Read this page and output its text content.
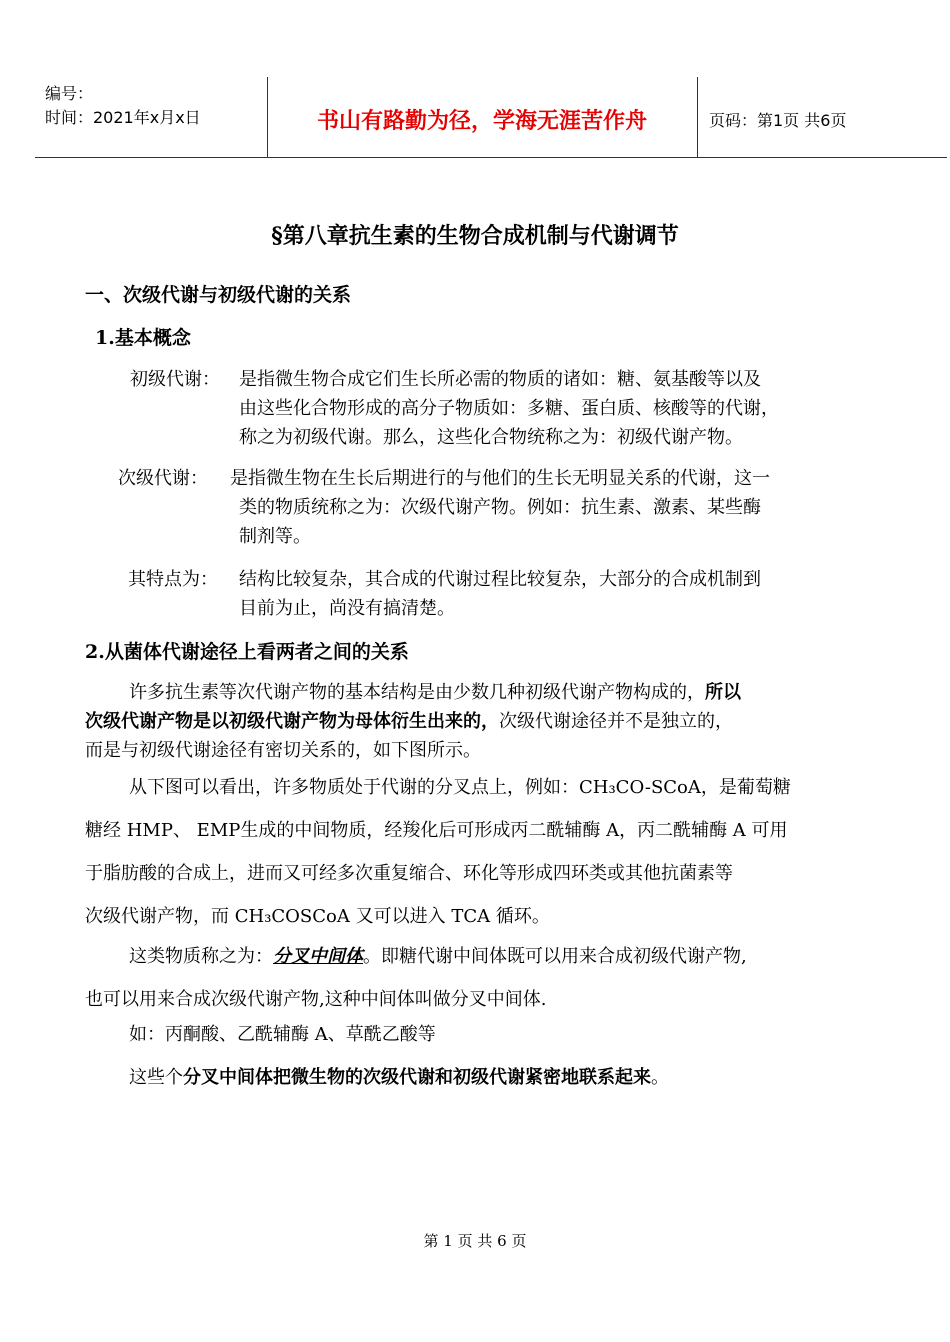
编号：
时间：2021年x月x日	书山有路勤为径，学海无涯苦作舟	页码：第1页 共6页
§第八章抗生素的生物合成机制与代谢调节
一、次级代谢与初级代谢的关系
1.基本概念
初级代谢： 是指微生物合成它们生长所必需的物质的诸如：糖、氨基酸等以及
由这些化合物形成的高分子物质如：多糖、蛋白质、核酸等的代谢，
称之为初级代谢。那么，这些化合物统称之为：初级代谢产物。
次级代谢： 是指微生物在生长后期进行的与他们的生长无明显关系的代谢，这一
类的物质统称之为：次级代谢产物。例如：抗生素、激素、某些酶
制剂等。
其特点为： 结构比较复杂，其合成的代谢过程比较复杂，大部分的合成机制到
目前为止，尚没有搞清楚。
2.从菌体代谢途径上看两者之间的关系
许多抗生素等次代谢产物的基本结构是由少数几种初级代谢产物构成的，所以
次级代谢产物是以初级代谢产物为母体衍生出来的，次级代谢途径并不是独立的，
而是与初级代谢途径有密切关系的，如下图所示。
从下图可以看出，许多物质处于代谢的分叉点上，例如：CH₃CO-SCoA，是葡萄糖
糖经 HMP、 EMP生成的中间物质，经羧化后可形成丙二酰辅酶 A，丙二酰辅酶 A 可用
于脂肪酸的合成上，进而又可经多次重复缩合、环化等形成四环类或其他抗菌素等
次级代谢产物，而 CH₃COSCoA 又可以进入 TCA 循环。
这类物质称之为：分叉中间体。即糖代谢中间体既可以用来合成初级代谢产物,
也可以用来合成次级代谢产物,这种中间体叫做分叉中间体.
如：丙酮酸、乙酰辅酶 A、草酰乙酸等
这些个分叉中间体把微生物的次级代谢和初级代谢紧密地联系起来。
第 1 页 共 6 页
